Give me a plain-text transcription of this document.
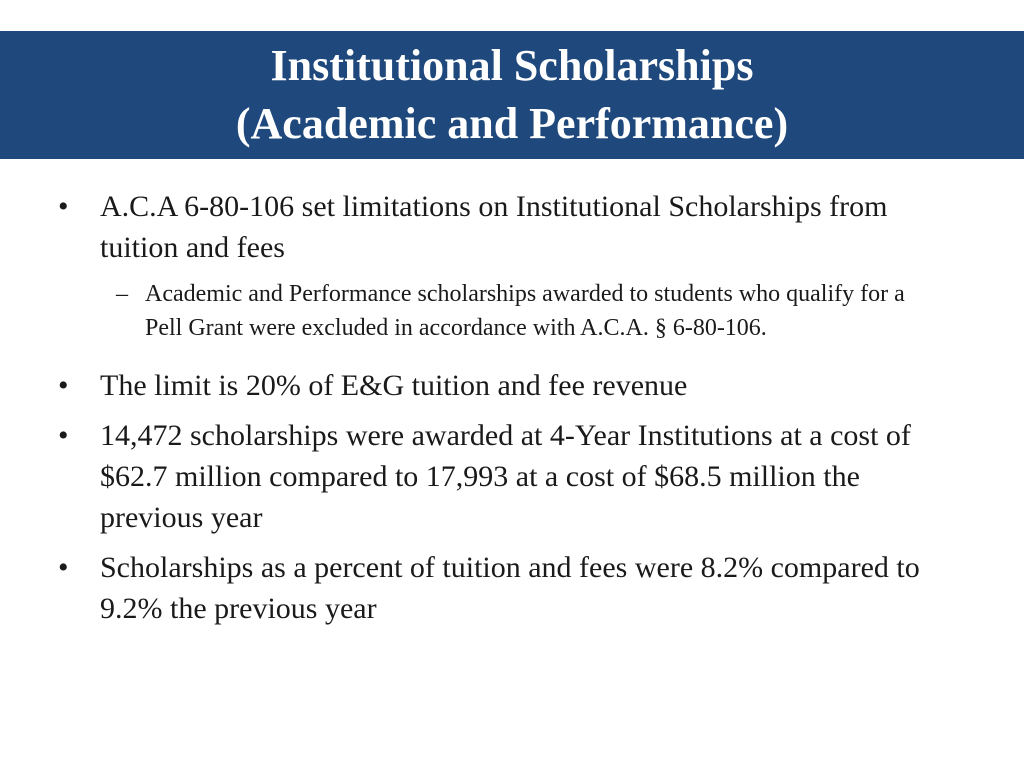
Institutional Scholarships
(Academic and Performance)
•	A.C.A 6-80-106 set limitations on Institutional Scholarships from tuition and fees
– Academic and Performance scholarships awarded to students who qualify for a Pell Grant were excluded in accordance with A.C.A. § 6-80-106.
•	The limit is 20% of E&G tuition and fee revenue
•	14,472 scholarships were awarded at 4-Year Institutions at a cost of $62.7 million compared to 17,993 at a cost of $68.5 million the previous year
•	Scholarships as a percent of tuition and fees were 8.2% compared to 9.2% the previous year
